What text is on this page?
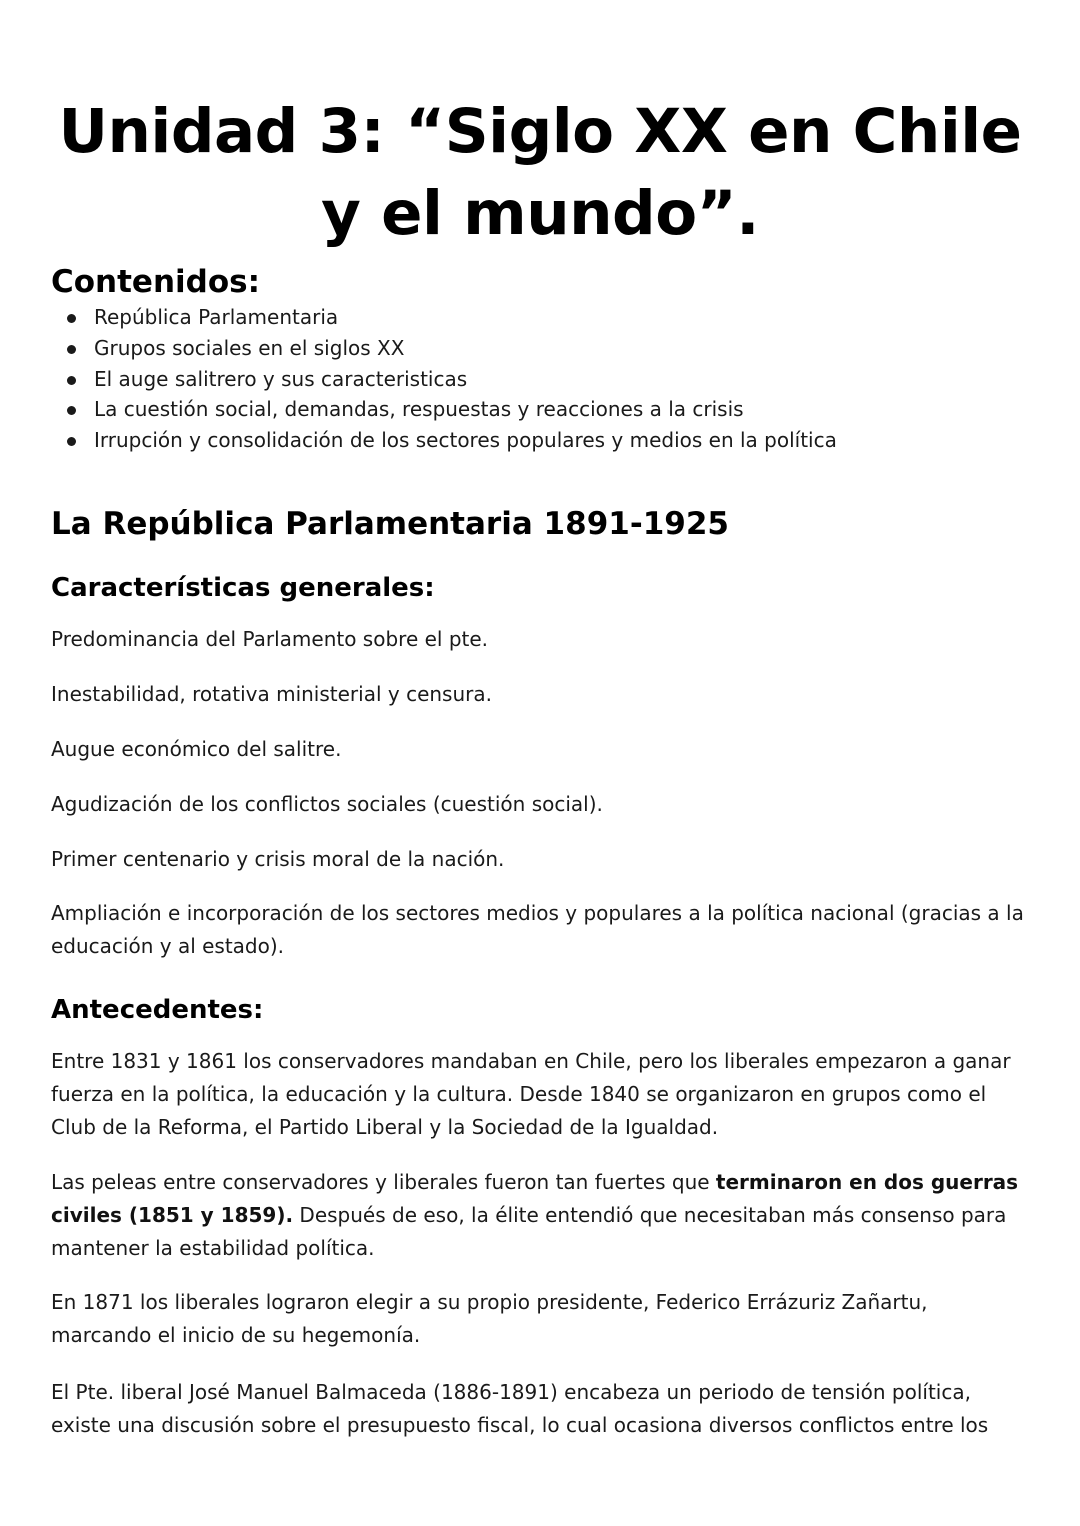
Unidad 3: “Siglo XX en Chile y el mundo”.
Contenidos:
República Parlamentaria
Grupos sociales en el siglos XX
El auge salitrero y sus caracteristicas
La cuestión social, demandas, respuestas y reacciones a la crisis
Irrupción y consolidación de los sectores populares y medios en la política
La República Parlamentaria 1891-1925
Características generales:

Predominancia del Parlamento sobre el pte.

Inestabilidad, rotativa ministerial y censura.

Augue económico del salitre.

Agudización de los conflictos sociales (cuestión social).

Primer centenario y crisis moral de la nación.

Ampliación e incorporación de los sectores medios y populares a la política nacional (gracias a la educación y al estado).

Antecedentes:

Entre 1831 y 1861 los conservadores mandaban en Chile, pero los liberales empezaron a ganar fuerza en la política, la educación y la cultura. Desde 1840 se organizaron en grupos como el Club de la Reforma, el Partido Liberal y la Sociedad de la Igualdad.

Las peleas entre conservadores y liberales fueron tan fuertes que terminaron en dos guerras civiles (1851 y 1859). Después de eso, la élite entendió que necesitaban más consenso para mantener la estabilidad política.

En 1871 los liberales lograron elegir a su propio presidente, Federico Errázuriz Zañartu, marcando el inicio de su hegemonía.

El Pte. liberal José Manuel Balmaceda (1886-1891) encabeza un periodo de tensión política, existe una discusión sobre el presupuesto fiscal, lo cual ocasiona diversos conflictos entre los
